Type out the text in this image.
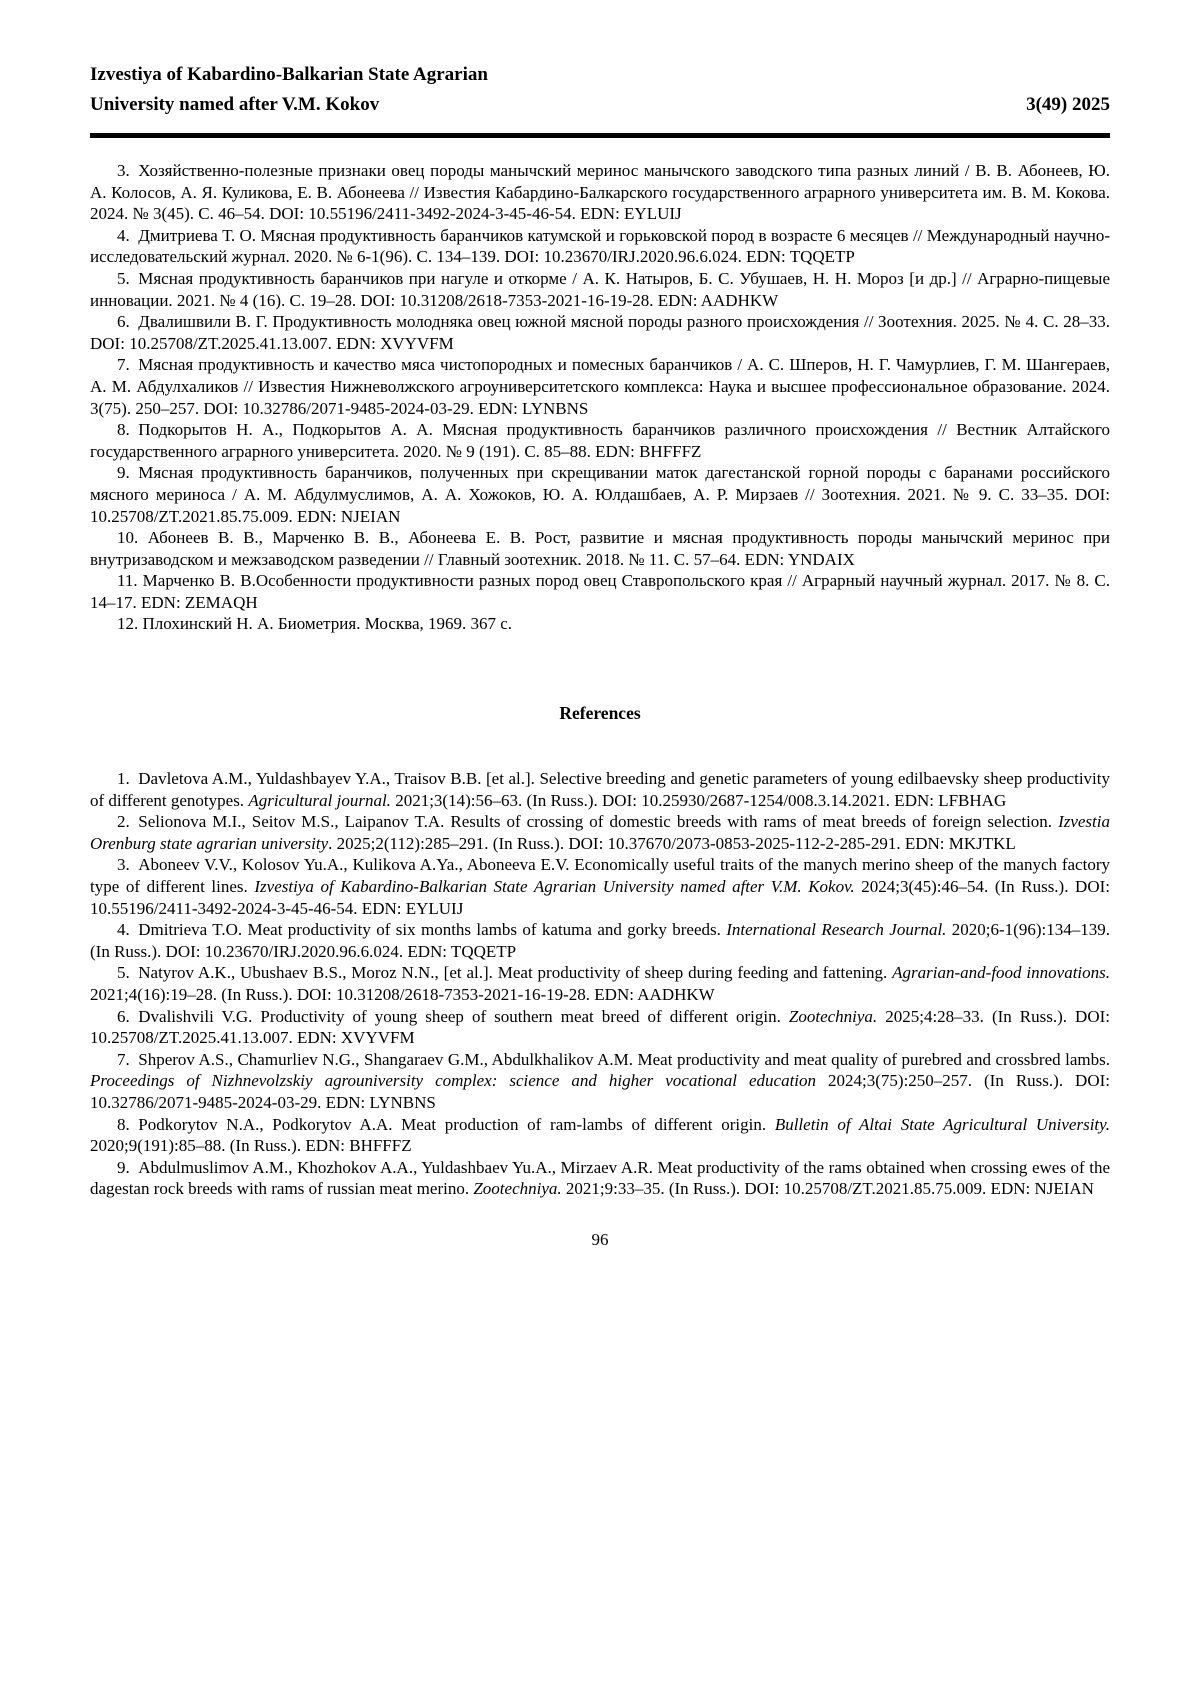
Izvestiya of Kabardino-Balkarian State Agrarian
University named after V.M. Kokov	3(49) 2025

3. Хозяйственно-полезные признаки овец породы манычский меринос манычского заводского типа разных линий / В. В. Абонеев, Ю. А. Колосов, А. Я. Куликова, Е. В. Абонеева // Известия Кабардино-Балкарского государственного аграрного университета им. В. М. Кокова. 2024. № 3(45). С. 46–54. DOI: 10.55196/2411-3492-2024-3-45-46-54. EDN: EYLUIJ

4. Дмитриева Т. О. Мясная продуктивность баранчиков катумской и горьковской пород в возрасте 6 месяцев // Международный научно-исследовательский журнал. 2020. № 6-1(96). С. 134–139. DOI: 10.23670/IRJ.2020.96.6.024. EDN: TQQETP

5. Мясная продуктивность баранчиков при нагуле и откорме / А. К. Натыров, Б. С. Убушаев, Н. Н. Мороз [и др.] // Аграрно-пищевые инновации. 2021. № 4 (16). С. 19–28. DOI: 10.31208/2618-7353-2021-16-19-28. EDN: AADHKW

6. Двалишвили В. Г. Продуктивность молодняка овец южной мясной породы разного происхождения // Зоотехния. 2025. № 4. С. 28–33. DOI: 10.25708/ZT.2025.41.13.007. EDN: XVYVFM

7. Мясная продуктивность и качество мяса чистопородных и помесных баранчиков / А. С. Шперов, Н. Г. Чамурлиев, Г. М. Шангераев, А. М. Абдулхаликов // Известия Нижневолжского агроуниверситетского комплекса: Наука и высшее профессиональное образование. 2024. 3(75). 250–257. DOI: 10.32786/2071-9485-2024-03-29. EDN: LYNBNS

8. Подкорытов Н. А., Подкорытов А. А. Мясная продуктивность баранчиков различного происхождения // Вестник Алтайского государственного аграрного университета. 2020. № 9 (191). С. 85–88. EDN: BHFFFZ

9. Мясная продуктивность баранчиков, полученных при скрещивании маток дагестанской горной породы с баранами российского мясного мериноса / А. М. Абдулмуслимов, А. А. Хожоков, Ю. А. Юлдашбаев, А. Р. Мирзаев // Зоотехния. 2021. № 9. С. 33–35. DOI: 10.25708/ZT.2021.85.75.009. EDN: NJEIAN

10. Абонеев В. В., Марченко В. В., Абонеева Е. В. Рост, развитие и мясная продуктивность породы манычский меринос при внутризаводском и межзаводском разведении // Главный зоотехник. 2018. № 11. С. 57–64. EDN: YNDAIX

11. Марченко В. В.Особенности продуктивности разных пород овец Ставропольского края // Аграрный научный журнал. 2017. № 8. С. 14–17. EDN: ZEMAQH

12. Плохинский Н. А. Биометрия. Москва, 1969. 367 с.

References

1. Davletova A.M., Yuldashbayev Y.A., Traisov B.B. [et al.]. Selective breeding and genetic parameters of young edilbaevsky sheep productivity of different genotypes. Agricultural journal. 2021;3(14):56–63. (In Russ.). DOI: 10.25930/2687-1254/008.3.14.2021. EDN: LFBHAG

2. Selionova M.I., Seitov M.S., Laipanov T.A. Results of crossing of domestic breeds with rams of meat breeds of foreign selection. Izvestia Orenburg state agrarian university. 2025;2(112):285–291. (In Russ.). DOI: 10.37670/2073-0853-2025-112-2-285-291. EDN: MKJTKL

3. Aboneev V.V., Kolosov Yu.A., Kulikova A.Ya., Aboneeva E.V. Economically useful traits of the manych merino sheep of the manych factory type of different lines. Izvestiya of Kabardino-Balkarian State Agrarian University named after V.M. Kokov. 2024;3(45):46–54. (In Russ.). DOI: 10.55196/2411-3492-2024-3-45-46-54. EDN: EYLUIJ

4. Dmitrieva T.O. Meat productivity of six months lambs of katuma and gorky breeds. International Research Journal. 2020;6-1(96):134–139. (In Russ.). DOI: 10.23670/IRJ.2020.96.6.024. EDN: TQQETP

5. Natyrov A.K., Ubushaev B.S., Moroz N.N., [et al.]. Meat productivity of sheep during feeding and fattening. Agrarian-and-food innovations. 2021;4(16):19–28. (In Russ.). DOI: 10.31208/2618-7353-2021-16-19-28. EDN: AADHKW

6. Dvalishvili V.G. Productivity of young sheep of southern meat breed of different origin. Zootechniya. 2025;4:28–33. (In Russ.). DOI: 10.25708/ZT.2025.41.13.007. EDN: XVYVFM

7. Shperov A.S., Chamurliev N.G., Shangaraev G.M., Abdulkhalikov A.M. Meat productivity and meat quality of purebred and crossbred lambs. Proceedings of Nizhnevolzskiy agrouniversity complex: science and higher vocational education 2024;3(75):250–257. (In Russ.). DOI: 10.32786/2071-9485-2024-03-29. EDN: LYNBNS

8. Podkorytov N.A., Podkorytov A.A. Meat production of ram-lambs of different origin. Bulletin of Altai State Agricultural University. 2020;9(191):85–88. (In Russ.). EDN: BHFFFZ

9. Abdulmuslimov A.M., Khozhokov A.A., Yuldashbaev Yu.A., Mirzaev A.R. Meat productivity of the rams obtained when crossing ewes of the dagestan rock breeds with rams of russian meat merino. Zootechniya. 2021;9:33–35. (In Russ.). DOI: 10.25708/ZT.2021.85.75.009. EDN: NJEIAN

96
